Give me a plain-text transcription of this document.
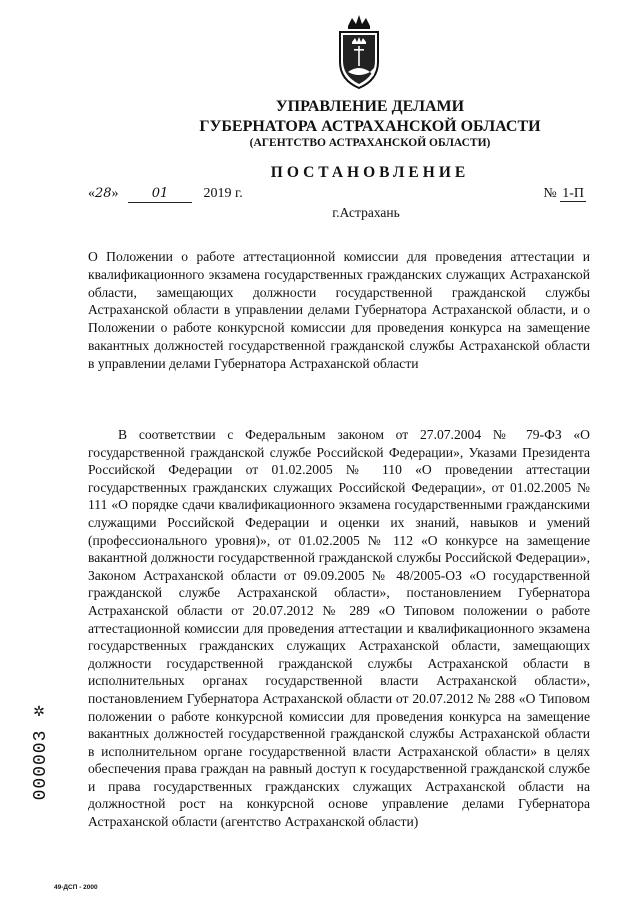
УПРАВЛЕНИЕ ДЕЛАМИ
ГУБЕРНАТОРА АСТРАХАНСКОЙ ОБЛАСТИ
(АГЕНТСТВО АСТРАХАНСКОЙ ОБЛАСТИ)
ПОСТАНОВЛЕНИЕ
«28»	01	2019 г.	№ 1-П
г.Астрахань
О Положении о работе аттестационной комиссии для проведения аттестации и квалификационного экзамена государственных гражданских служащих Астраханской области, замещающих должности государственной гражданской службы Астраханской области в управлении делами Губернатора Астраханской области, и о Положении о работе конкурсной комиссии для проведения конкурса на замещение вакантных должностей государственной гражданской службы Астраханской области в управлении делами Губернатора Астраханской области
В соответствии с Федеральным законом от 27.07.2004 № 79-ФЗ «О государственной гражданской службе Российской Федерации», Указами Президента Российской Федерации от 01.02.2005 № 110 «О проведении аттестации государственных гражданских служащих Российской Федерации», от 01.02.2005 № 111 «О порядке сдачи квалификационного экзамена государственными гражданскими служащими Российской Федерации и оценки их знаний, навыков и умений (профессионального уровня)», от 01.02.2005 № 112 «О конкурсе на замещение вакантной должности государственной гражданской службы Российской Федерации», Законом Астраханской области от 09.09.2005 № 48/2005-ОЗ «О государственной гражданской службе Астраханской области», постановлением Губернатора Астраханской области от 20.07.2012 № 289 «О Типовом положении о работе аттестационной комиссии для проведения аттестации и квалификационного экзамена государственных гражданских служащих Астраханской области, замещающих должности государственной гражданской службы Астраханской области в исполнительных органах государственной власти Астраханской области», постановлением Губернатора Астраханской области от 20.07.2012 № 288 «О Типовом положении о работе конкурсной комиссии для проведения конкурса на замещение вакантных должностей государственной гражданской службы Астраханской области в исполнительном органе государственной власти Астраханской области» в целях обеспечения права граждан на равный доступ к государственной гражданской службе и права государственных гражданских служащих Астраханской области на должностной рост на конкурсной основе управление делами Губернатора Астраханской области (агентство Астраханской области)
✲
000003
49-ДСП - 2000
